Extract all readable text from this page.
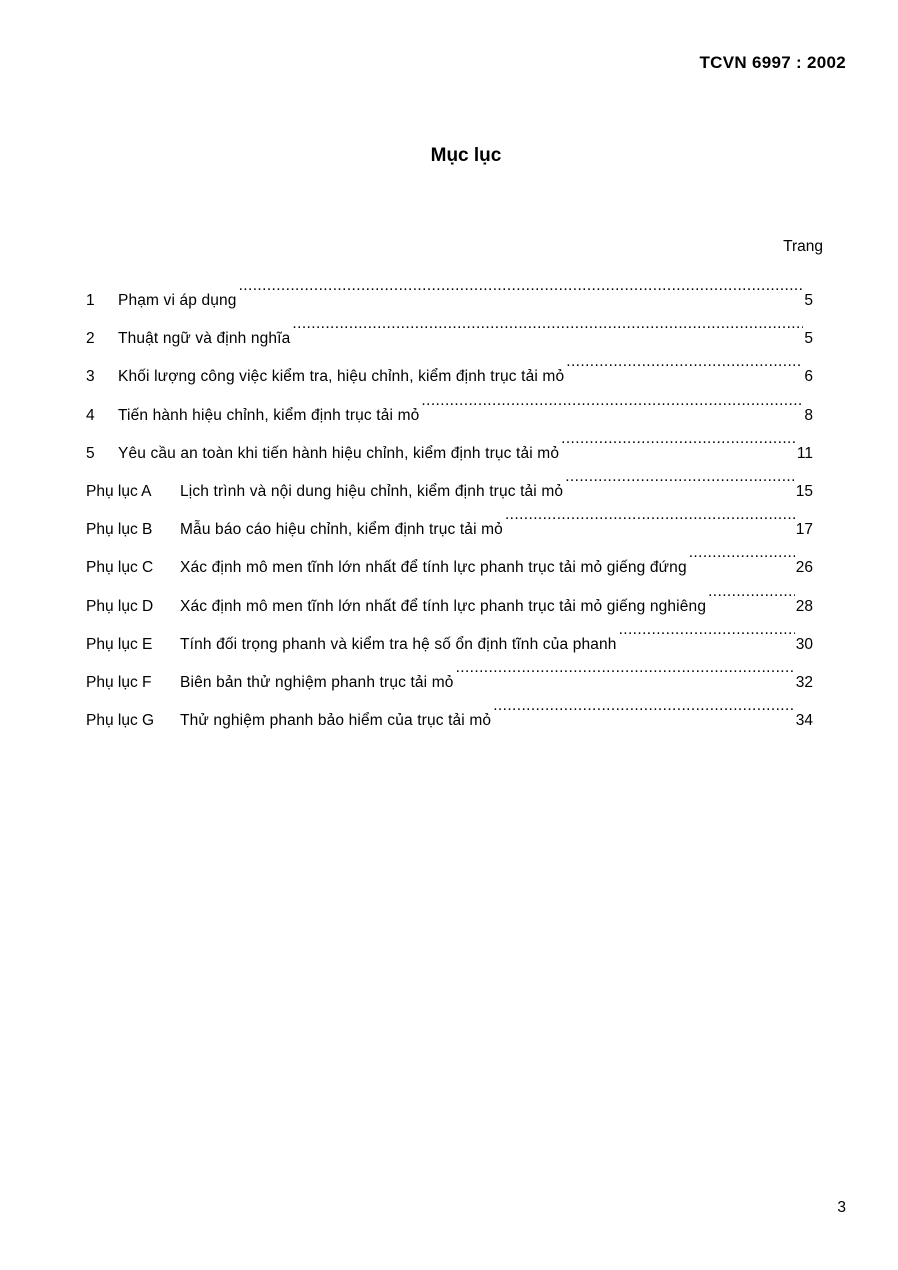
TCVN 6997 : 2002
Mục lục
Trang
1	Phạm vi áp dụng .....	5
2	Thuật ngữ và định nghĩa .....	5
3	Khối lượng công việc kiểm tra, hiệu chỉnh, kiểm định trục tải mỏ .....	6
4	Tiến hành hiệu chỉnh, kiểm định trục tải mỏ .....	8
5	Yêu cầu an toàn khi tiến hành hiệu chỉnh, kiểm định trục tải mỏ .....	11
Phụ lục A	Lịch trình và nội dung hiệu chỉnh, kiểm định trục tải mỏ .....	15
Phụ lục B	Mẫu báo cáo hiệu chỉnh, kiểm định trục tải mỏ .....	17
Phụ lục C	Xác định mô men tĩnh lớn nhất để tính lực phanh trục tải mỏ giếng đứng .....	26
Phụ lục D	Xác định mô men tĩnh lớn nhất để tính lực phanh trục tải mỏ giếng nghiêng .....	28
Phụ lục E	Tính đối trọng phanh và kiểm tra hệ số ổn định tĩnh của phanh .....	30
Phụ lục F	Biên bản thử nghiệm phanh trục tải mỏ .....	32
Phụ lục G	Thử nghiệm phanh bảo hiểm của trục tải mỏ .....	34
3
